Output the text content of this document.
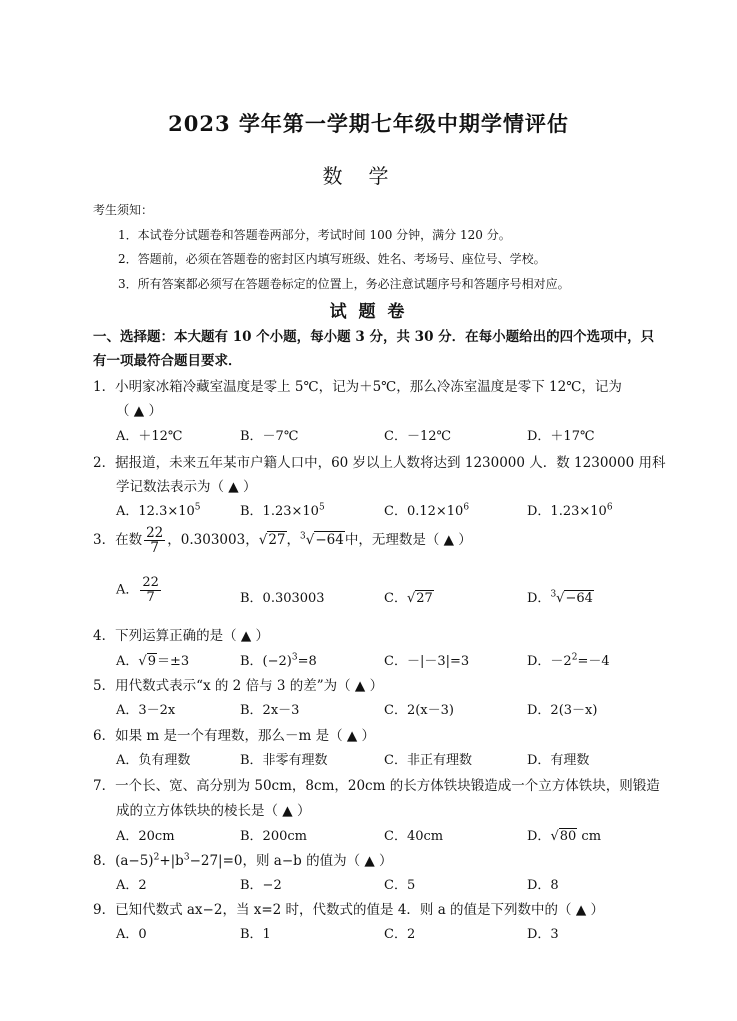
2023 学年第一学期七年级中期学情评估
数学
考生须知：
1．本试卷分试题卷和答题卷两部分，考试时间 100 分钟，满分 120 分。
2．答题前，必须在答题卷的密封区内填写班级、姓名、考场号、座位号、学校。
3．所有答案都必须写在答题卷标定的位置上，务必注意试题序号和答题序号相对应。
试 题 卷
一、选择题：本大题有 10 个小题，每小题 3 分，共 30 分．在每小题给出的四个选项中，只
有一项最符合题目要求．
1．小明家冰箱冷藏室温度是零上 5℃，记为＋5℃，那么冷冻室温度是零下 12℃，记为
（ ▲ ）
A．＋12℃	B．－7℃	C．－12℃	D．＋17℃
2．据报道，未来五年某市户籍人口中，60 岁以上人数将达到 1230000 人．数 1230000 用科
学记数法表示为（ ▲ ）
A．$12.3\times 10^5$	B．$1.23\times 10^5$	C．$0.12\times 10^6$	D．$1.23\times 10^6$
3．在数 $\frac{22}{7}$ ，0.303003，√27，$^3$√−64中，无理数是（ ▲ ）
A． $\frac{22}{7}$	B．0.303003	C．√27	D．$^3$√−64
4．下列运算正确的是（ ▲ ）
A．√9＝±3	B．$(-2)^3=8$	C．－|－3|=3	D．$-2^2=-4$
5．用代数式表示“x 的 2 倍与 3 的差”为（ ▲ ）
A．3－2x	B．2x－3	C．2(x－3)	D．2(3－x)
6．如果 m 是一个有理数，那么－m 是（ ▲ ）
A．负有理数	B．非零有理数	C．非正有理数	D．有理数
7．一个长、宽、高分别为 50cm，8cm，20cm 的长方体铁块锻造成一个立方体铁块，则锻造
成的立方体铁块的棱长是（ ▲ ）
A．20cm	B．200cm	C．40cm	D．√80 cm
8．$(a-5)^2+|b^3-27|=0$，则 a−b 的值为（ ▲ ）
A．2	B．−2	C．5	D．8
9．已知代数式 ax−2，当 x=2 时，代数式的值是 4．则 a 的值是下列数中的（ ▲ ）
A．0	B．1	C．2	D．3
